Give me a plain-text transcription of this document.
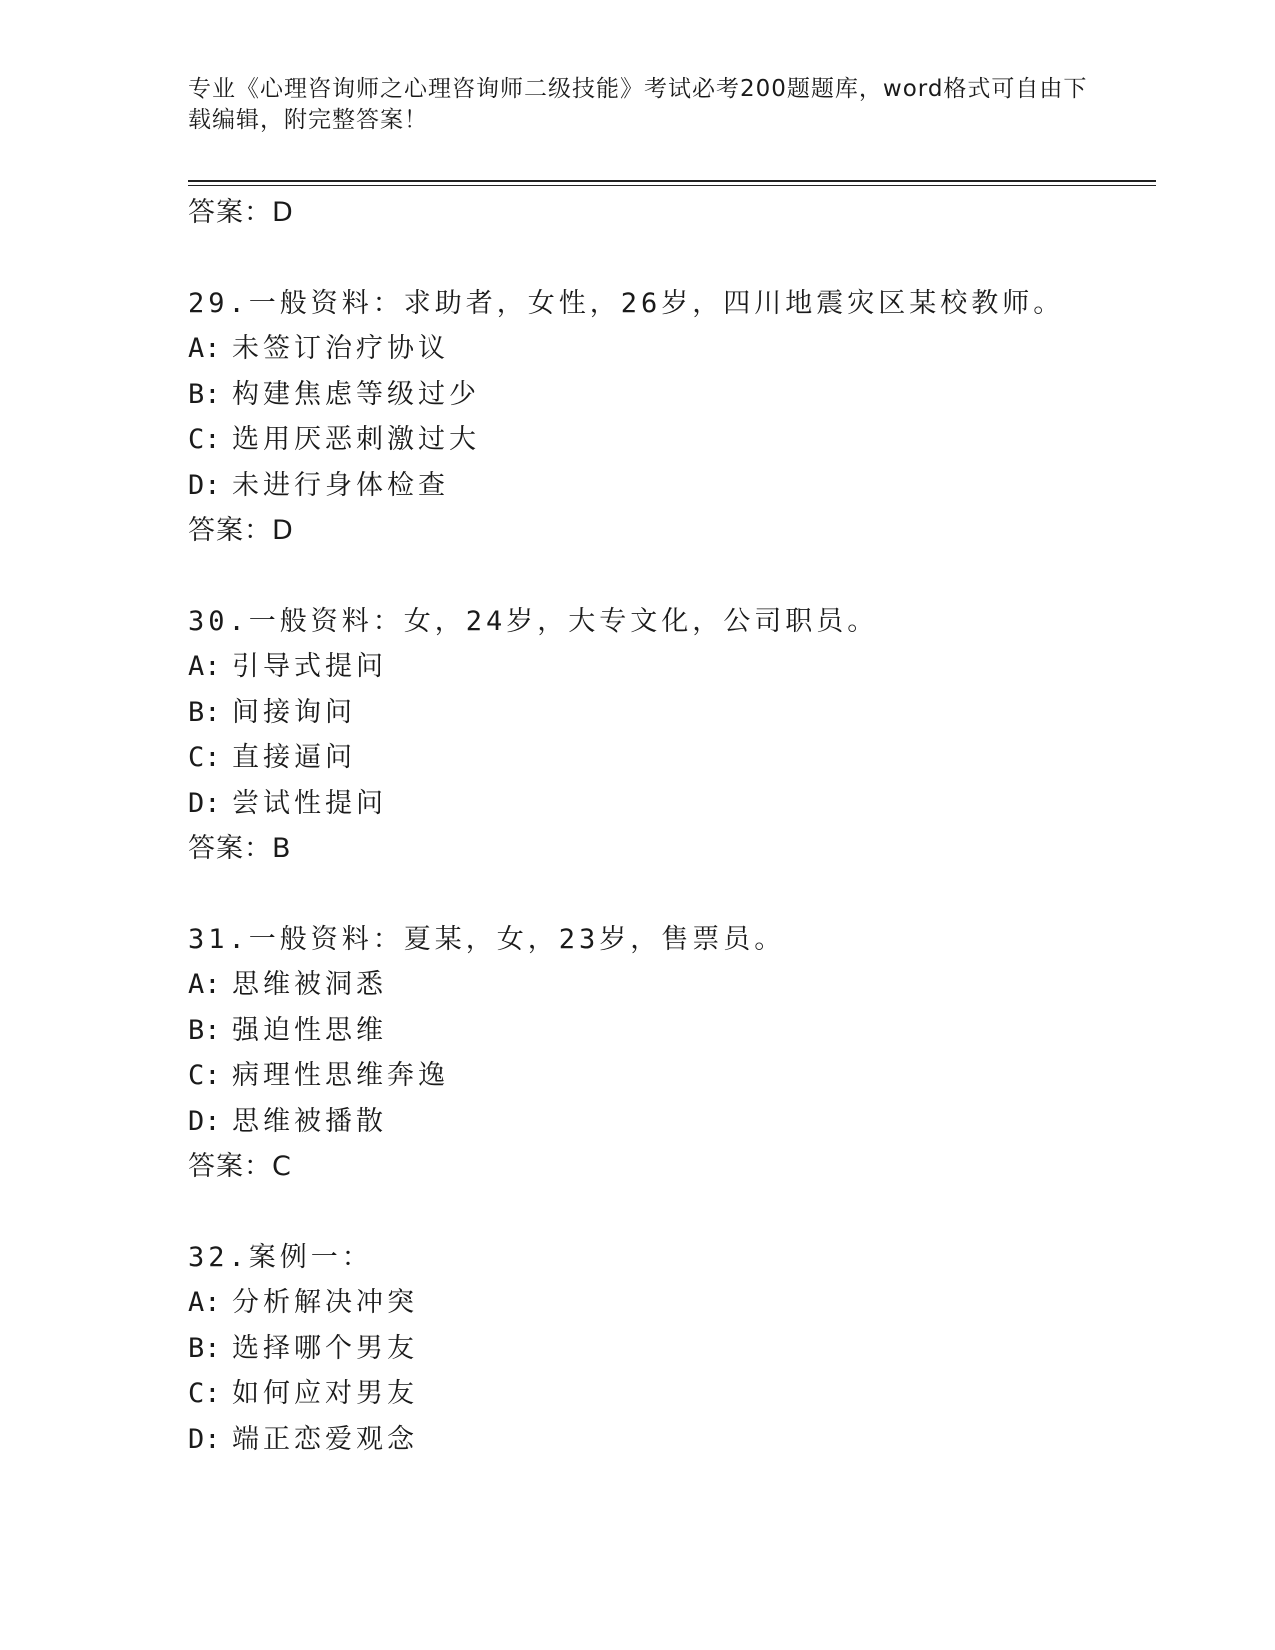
专业《心理咨询师之心理咨询师二级技能》考试必考200题题库，word格式可自由下载编辑，附完整答案！
答案：D
29.一般资料：求助者，女性，26岁，四川地震灾区某校教师。
A: 未签订治疗协议
B: 构建焦虑等级过少
C: 选用厌恶刺激过大
D: 未进行身体检查
答案：D
30.一般资料：女，24岁，大专文化，公司职员。
A: 引导式提问
B: 间接询问
C: 直接逼问
D: 尝试性提问
答案：B
31.一般资料：夏某，女，23岁，售票员。
A: 思维被洞悉
B: 强迫性思维
C: 病理性思维奔逸
D: 思维被播散
答案：C
32.案例一：
A: 分析解决冲突
B: 选择哪个男友
C: 如何应对男友
D: 端正恋爱观念
